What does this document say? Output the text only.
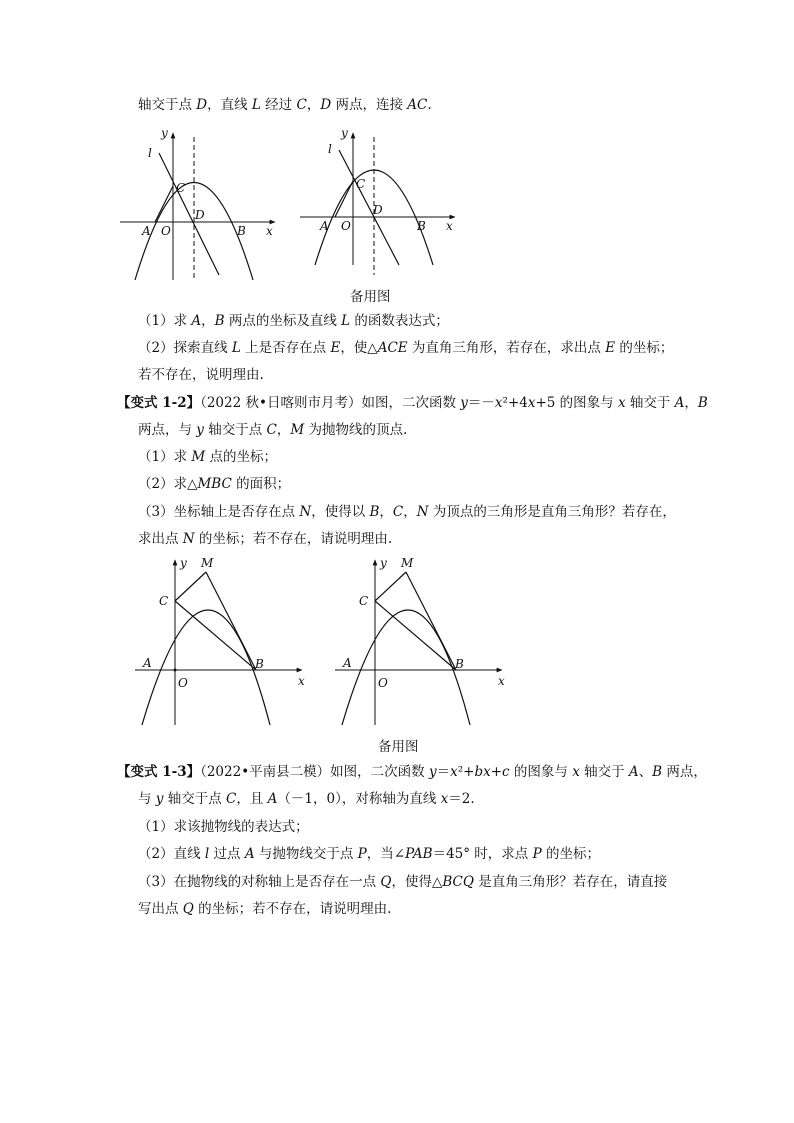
轴交于点 D，直线 L 经过 C，D 两点，连接 AC.
y
l
C
D
A O	B x
y
l
C
D
A O	B x
备用图
（1）求 A，B 两点的坐标及直线 L 的函数表达式；
（2）探索直线 L 上是否存在点 E，使△ACE 为直角三角形，若存在，求出点 E 的坐标；
若不存在，说明理由.
【变式 1-2】（2022 秋•日喀则市月考）如图，二次函数 y＝－x²+4x+5 的图象与 x 轴交于 A，B
两点，与 y 轴交于点 C，M 为抛物线的顶点.
（1）求 M 点的坐标；
（2）求△MBC 的面积；
（3）坐标轴上是否存在点 N，使得以 B，C，N 为顶点的三角形是直角三角形？若存在，
求出点 N 的坐标；若不存在，请说明理由.
y M
C
A
O
B
x
y M
C
A
O
B
x
备用图
【变式 1-3】（2022•平南县二模）如图，二次函数 y＝x²+bx+c 的图象与 x 轴交于 A、B 两点，
与 y 轴交于点 C，且 A（－1，0），对称轴为直线 x＝2.
（1）求该抛物线的表达式；
（2）直线 l 过点 A 与抛物线交于点 P，当∠PAB＝45° 时，求点 P 的坐标；
（3）在抛物线的对称轴上是否存在一点 Q，使得△BCQ 是直角三角形？若存在，请直接
写出点 Q 的坐标；若不存在，请说明理由.
